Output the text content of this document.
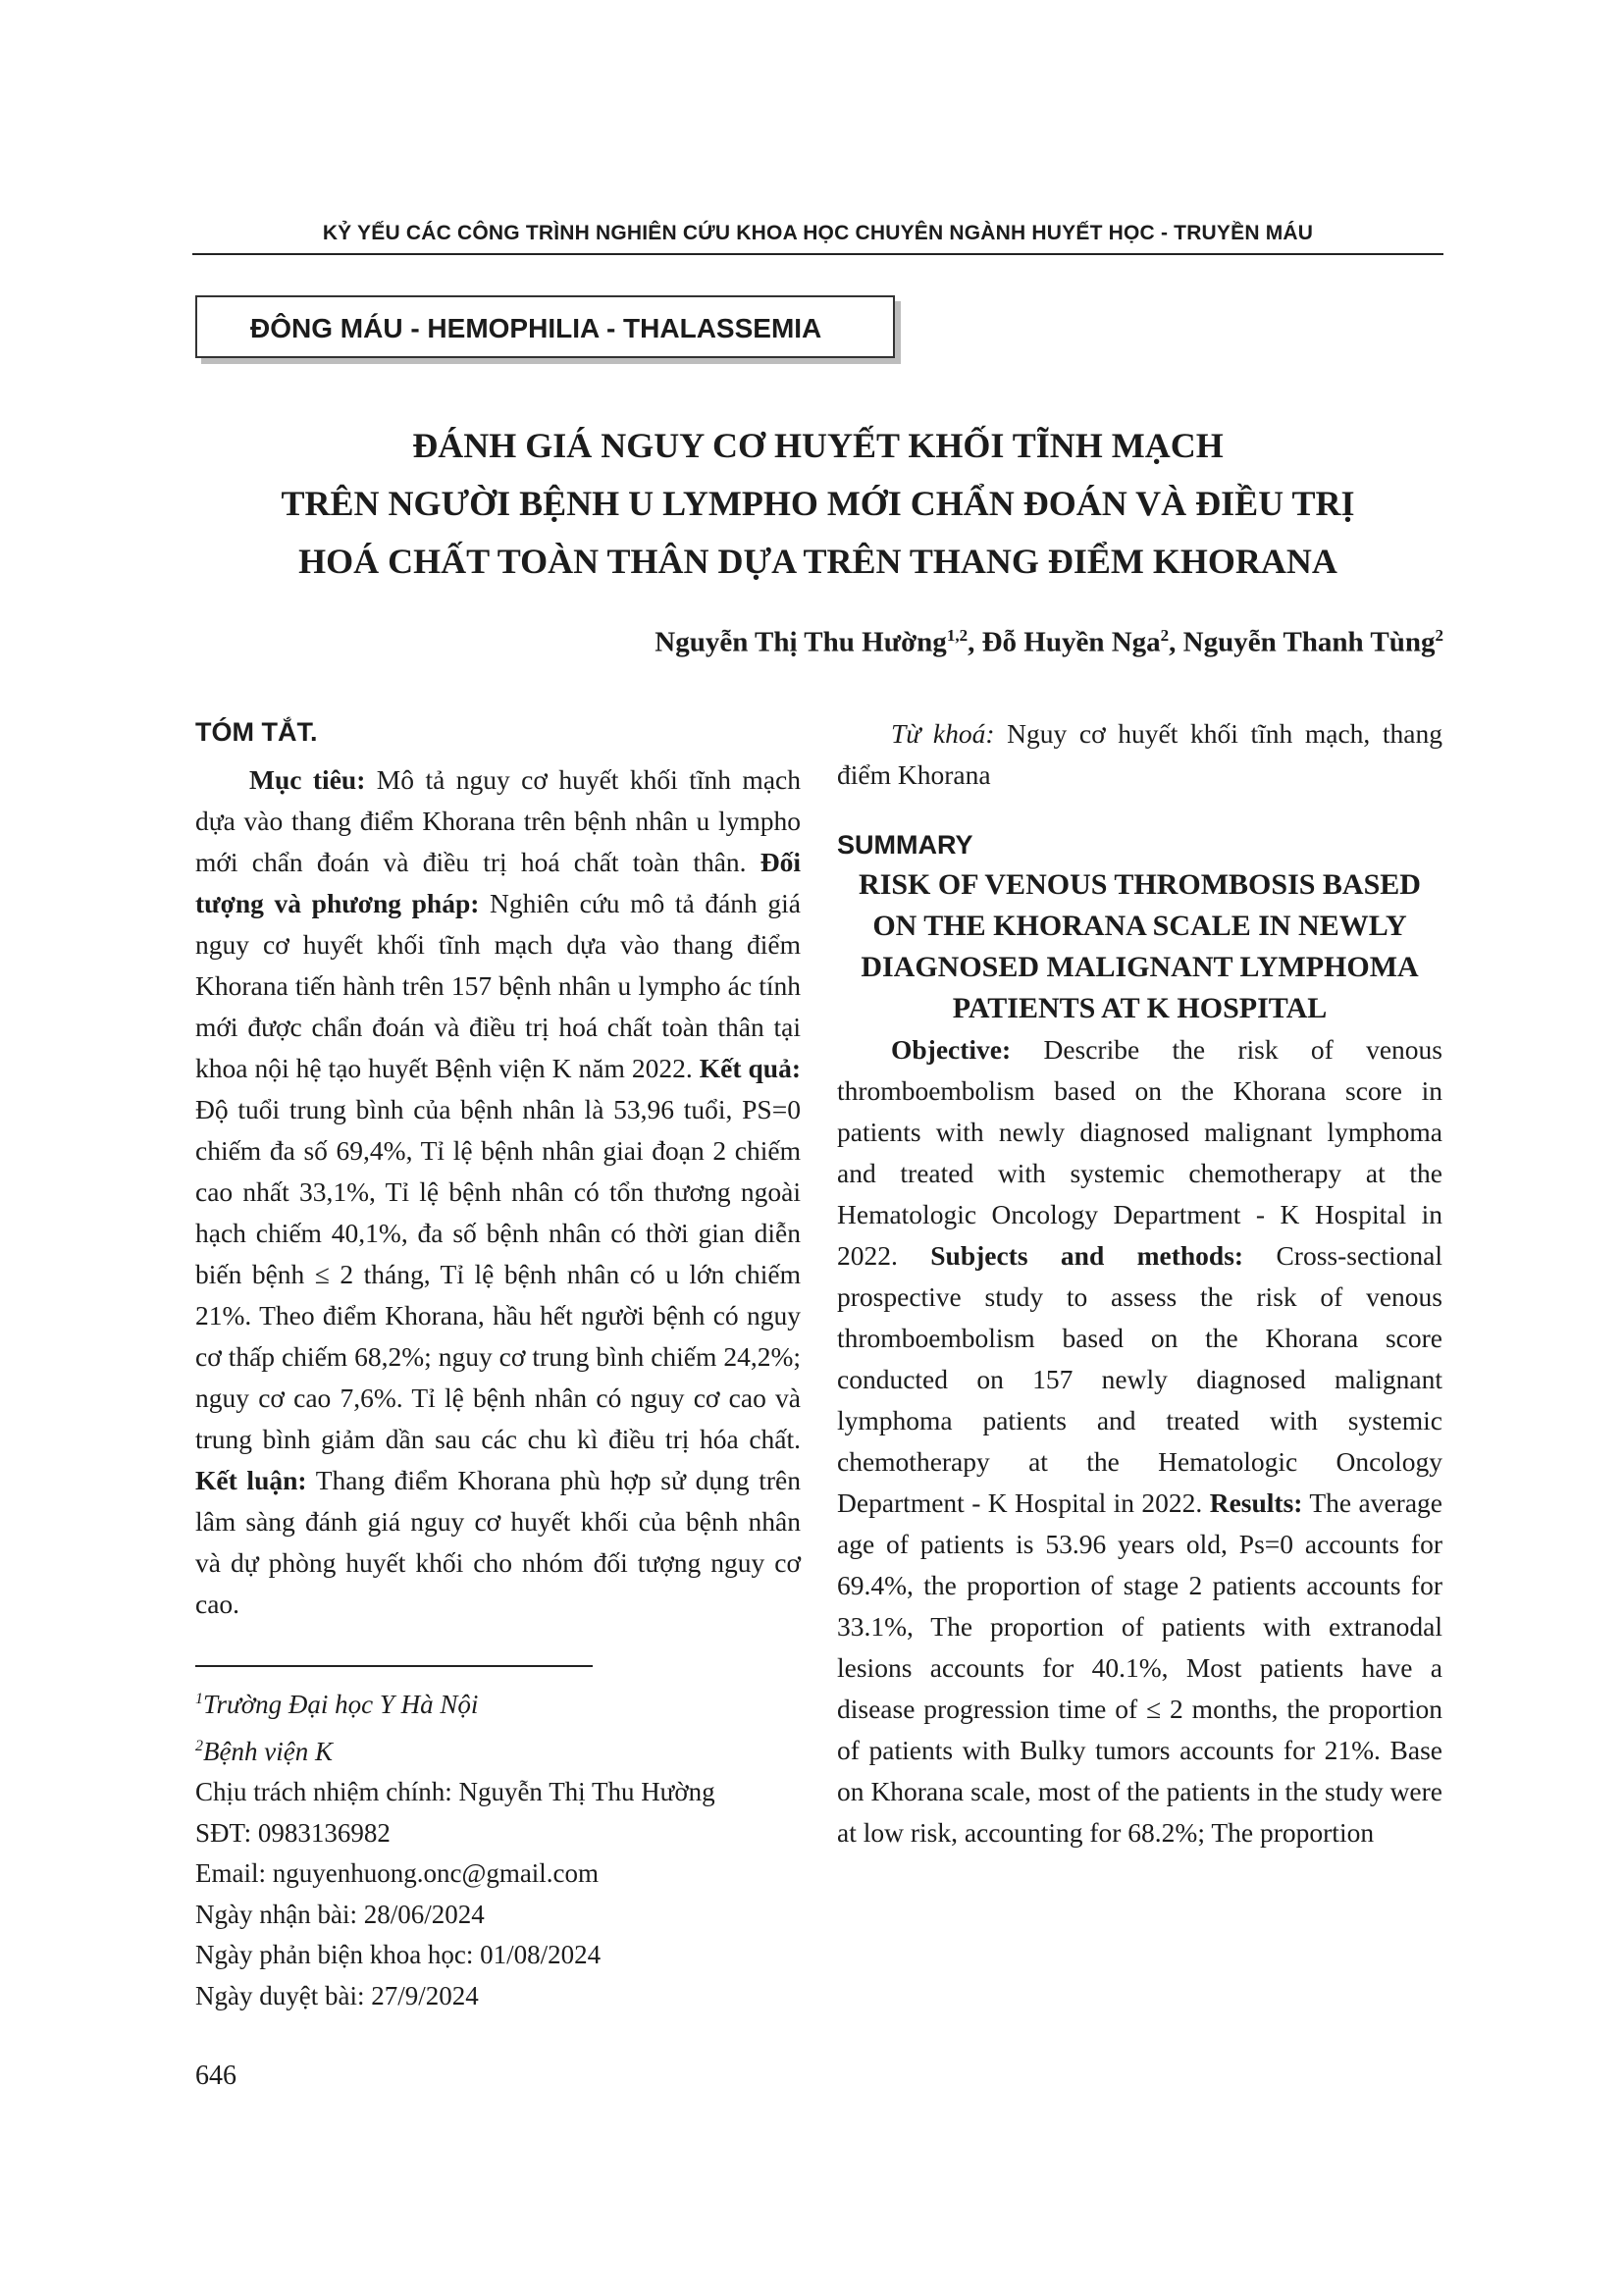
KỶ YẾU CÁC CÔNG TRÌNH NGHIÊN CỨU KHOA HỌC CHUYÊN NGÀNH HUYẾT HỌC - TRUYỀN MÁU
ĐÔNG MÁU - HEMOPHILIA - THALASSEMIA
ĐÁNH GIÁ NGUY CƠ HUYẾT KHỐI TĨNH MẠCH
TRÊN NGƯỜI BỆNH U LYMPHO MỚI CHẨN ĐOÁN VÀ ĐIỀU TRỊ
HOÁ CHẤT TOÀN THÂN DỰA TRÊN THANG ĐIỂM KHORANA
Nguyễn Thị Thu Hường$^{1,2}$, Đỗ Huyền Nga$^2$, Nguyễn Thanh Tùng$^2$
TÓM TẮT.
Mục tiêu: Mô tả nguy cơ huyết khối tĩnh mạch dựa vào thang điểm Khorana trên bệnh nhân u lympho mới chẩn đoán và điều trị hoá chất toàn thân. Đối tượng và phương pháp: Nghiên cứu mô tả đánh giá nguy cơ huyết khối tĩnh mạch dựa vào thang điểm Khorana tiến hành trên 157 bệnh nhân u lympho ác tính mới được chẩn đoán và điều trị hoá chất toàn thân tại khoa nội hệ tạo huyết Bệnh viện K năm 2022. Kết quả: Độ tuổi trung bình của bệnh nhân là 53,96 tuổi, PS=0 chiếm đa số 69,4%, Tỉ lệ bệnh nhân giai đoạn 2 chiếm cao nhất 33,1%, Tỉ lệ bệnh nhân có tổn thương ngoài hạch chiếm 40,1%, đa số bệnh nhân có thời gian diễn biến bệnh ≤ 2 tháng, Tỉ lệ bệnh nhân có u lớn chiếm 21%. Theo điểm Khorana, hầu hết người bệnh có nguy cơ thấp chiếm 68,2%; nguy cơ trung bình chiếm 24,2%; nguy cơ cao 7,6%. Tỉ lệ bệnh nhân có nguy cơ cao và trung bình giảm dần sau các chu kì điều trị hóa chất. Kết luận: Thang điểm Khorana phù hợp sử dụng trên lâm sàng đánh giá nguy cơ huyết khối của bệnh nhân và dự phòng huyết khối cho nhóm đối tượng nguy cơ cao.
$^1$Trường Đại học Y Hà Nội
$^2$Bệnh viện K
Chịu trách nhiệm chính: Nguyễn Thị Thu Hường
SĐT: 0983136982
Email: nguyenhuong.onc@gmail.com
Ngày nhận bài: 28/06/2024
Ngày phản biện khoa học: 01/08/2024
Ngày duyệt bài: 27/9/2024
Từ khoá: Nguy cơ huyết khối tĩnh mạch, thang điểm Khorana
SUMMARY
RISK OF VENOUS THROMBOSIS BASED ON THE KHORANA SCALE IN NEWLY DIAGNOSED MALIGNANT LYMPHOMA PATIENTS AT K HOSPITAL
Objective: Describe the risk of venous thromboembolism based on the Khorana score in patients with newly diagnosed malignant lymphoma and treated with systemic chemotherapy at the Hematologic Oncology Department - K Hospital in 2022. Subjects and methods: Cross-sectional prospective study to assess the risk of venous thromboembolism based on the Khorana score conducted on 157 newly diagnosed malignant lymphoma patients and treated with systemic chemotherapy at the Hematologic Oncology Department - K Hospital in 2022. Results: The average age of patients is 53.96 years old, Ps=0 accounts for 69.4%, the proportion of stage 2 patients accounts for 33.1%, The proportion of patients with extranodal lesions accounts for 40.1%, Most patients have a disease progression time of ≤ 2 months, the proportion of patients with Bulky tumors accounts for 21%. Base on Khorana scale, most of the patients in the study were at low risk, accounting for 68.2%; The proportion
646
